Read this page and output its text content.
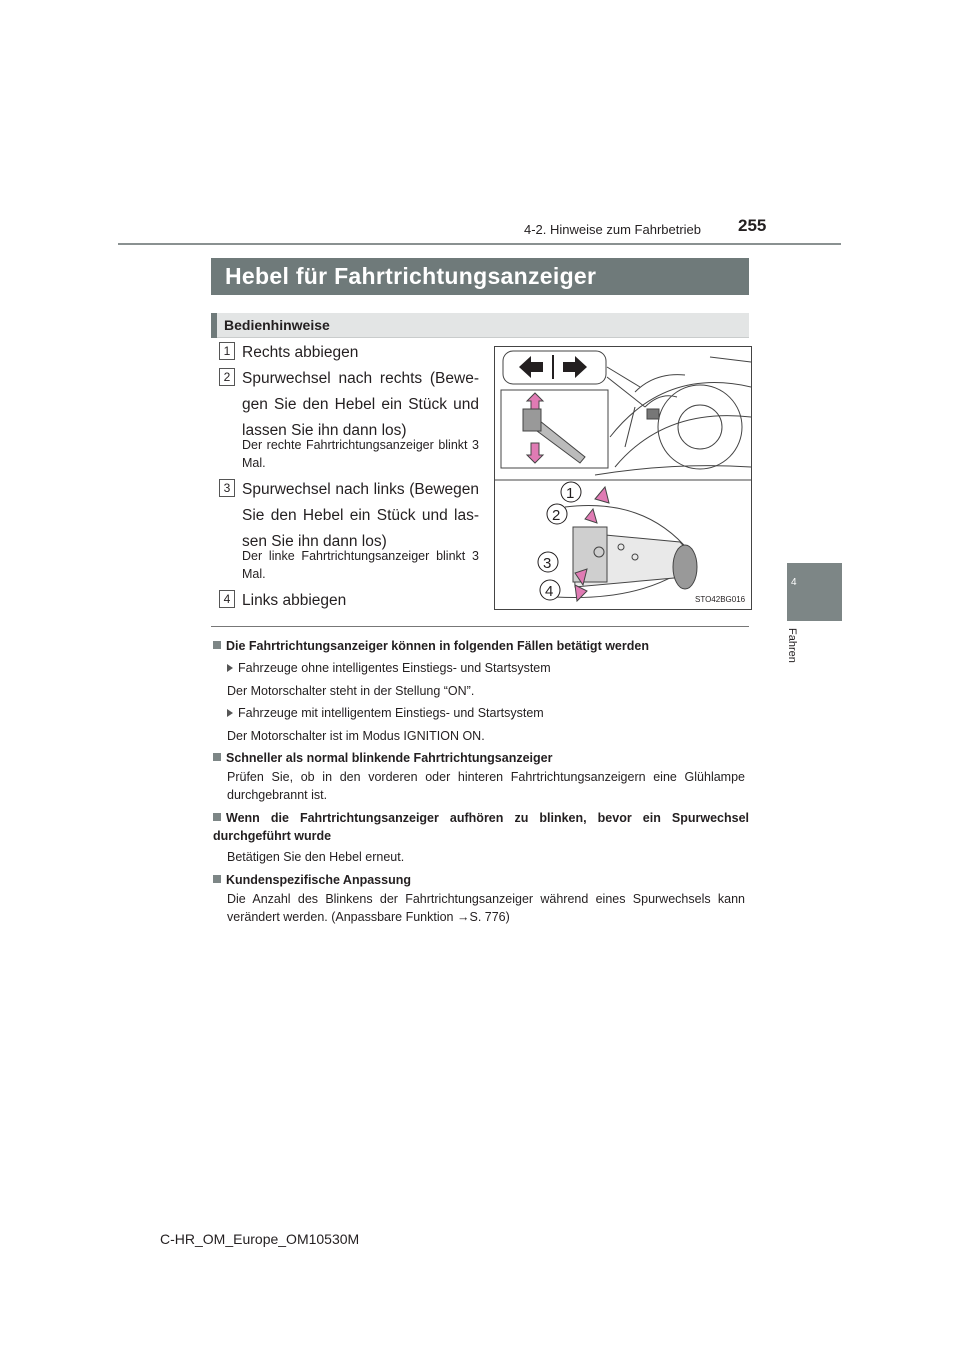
255
4-2. Hinweise zum Fahrbetrieb
4
Fahren
Hebel für Fahrtrichtungsanzeiger
Bedienhinweise
1 Rechts abbiegen
2 Spurwechsel nach rechts (Bewe-gen Sie den Hebel ein Stück und lassen Sie ihn dann los)
Der rechte Fahrtrichtungsanzeiger blinkt 3 Mal.
3 Spurwechsel nach links (Bewegen Sie den Hebel ein Stück und las-sen Sie ihn dann los)
Der linke Fahrtrichtungsanzeiger blinkt 3 Mal.
4 Links abbiegen
1
2
3
4	STO42BG016
Die Fahrtrichtungsanzeiger können in folgenden Fällen betätigt werden
Fahrzeuge ohne intelligentes Einstiegs- und Startsystem
Der Motorschalter steht in der Stellung “ON”.
Fahrzeuge mit intelligentem Einstiegs- und Startsystem
Der Motorschalter ist im Modus IGNITION ON.
Schneller als normal blinkende Fahrtrichtungsanzeiger
Prüfen Sie, ob in den vorderen oder hinteren Fahrtrichtungsanzeigern eine Glühlampe durchgebrannt ist.
Wenn die Fahrtrichtungsanzeiger aufhören zu blinken, bevor ein Spurwechsel durchgeführt wurde
Betätigen Sie den Hebel erneut.
Kundenspezifische Anpassung
Die Anzahl des Blinkens der Fahrtrichtungsanzeiger während eines Spurwechsels kann verändert werden. (Anpassbare Funktion →S. 776)
C-HR_OM_Europe_OM10530M
